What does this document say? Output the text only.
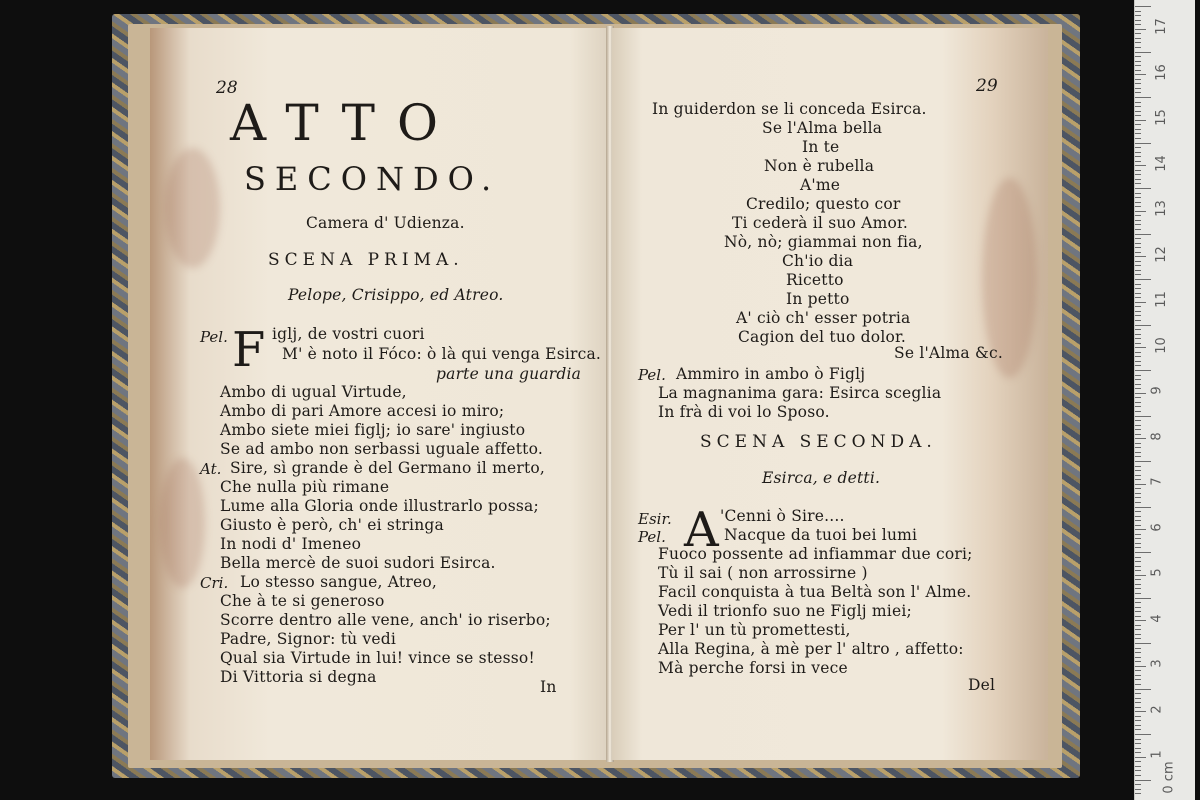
28
ATTO
SECONDO.
Camera d' Udienza.
SCENA PRIMA.
Pelope, Crisippo, ed Atreo.
Pel. F iglj, de vostri cuori
M' è noto il Fóco: ò là qui venga Esirca.
parte una guardia
Ambo di ugual Virtude,
Ambo di pari Amore accesi io miro;
Ambo siete miei figlj; io sare' ingiusto
Se ad ambo non serbassi uguale affetto.
At. Sire, sì grande è del Germano il merto,
Che nulla più rimane
Lume alla Gloria onde illustrarlo possa;
Giusto è però, ch' ei stringa
In nodi d' Imeneo
Bella mercè de suoi sudori Esirca.
Cri. Lo stesso sangue, Atreo,
Che à te si generoso
Scorre dentro alle vene, anch' io riserbo;
Padre, Signor: tù vedi
Qual sia Virtude in lui! vince se stesso!
Di Vittoria si degna
In
29
In guiderdon se li conceda Esirca.
Se l'Alma bella
In te
Non è rubella
A'me
Credilo; questo cor
Ti cederà il suo Amor.
Nò, nò; giammai non fia,
Ch'io dia
Ricetto
In petto
A' ciò ch' esser potria
Cagion del tuo dolor.
Se l'Alma &c.
Pel. Ammiro in ambo ò Figlj
La magnanima gara: Esirca sceglia
In frà di voi lo Sposo.
SCENA SECONDA.
Esirca, e detti.
Esir. A 'Cenni ò Sire....
Pel.	Nacque da tuoi bei lumi
Fuoco possente ad infiammar due cori;
Tù il sai ( non arrossirne )
Facil conquista à tua Beltà son l' Alme.
Vedi il trionfo suo ne Figlj miei;
Per l' un tù promettesti,
Alla Regina, à mè per l' altro , affetto:
Mà perche forsi in vece
Del
17
16
15
14
13
12
11
10
9
8
7
6
5
4
3
2
1
0 cm
